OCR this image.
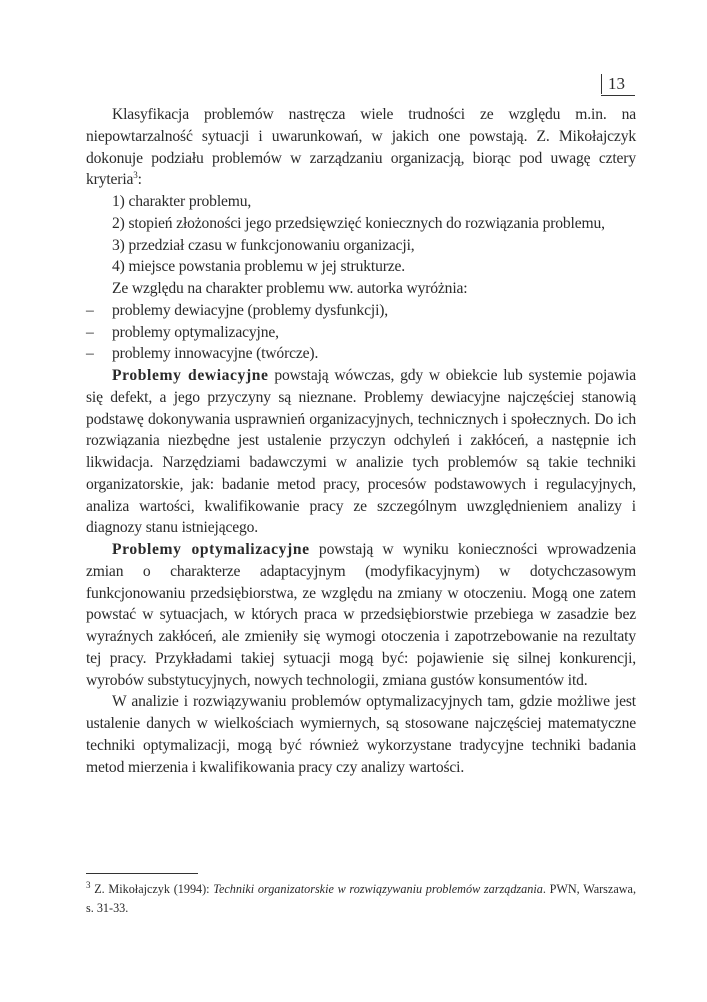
13

Klasyfikacja problemów nastręcza wiele trudności ze względu m.in. na niepowtarzalność sytuacji i uwarunkowań, w jakich one powstają. Z. Mikołajczyk dokonuje podziału problemów w zarządzaniu organizacją, biorąc pod uwagę cztery kryteria$^3$:

1) charakter problemu,

2) stopień złożoności jego przedsięwzięć koniecznych do rozwiązania problemu,

3) przedział czasu w funkcjonowaniu organizacji,

4) miejsce powstania problemu w jej strukturze.

Ze względu na charakter problemu ww. autorka wyróżnia:

– problemy dewiacyjne (problemy dysfunkcji),

– problemy optymalizacyjne,

– problemy innowacyjne (twórcze).

Problemy dewiacyjne powstają wówczas, gdy w obiekcie lub systemie pojawia się defekt, a jego przyczyny są nieznane. Problemy dewiacyjne najczęściej stanowią podstawę dokonywania usprawnień organizacyjnych, technicznych i społecznych. Do ich rozwiązania niezbędne jest ustalenie przyczyn odchyleń i zakłóceń, a następnie ich likwidacja. Narzędziami badawczymi w analizie tych problemów są takie techniki organizatorskie, jak: badanie metod pracy, procesów podstawowych i regulacyjnych, analiza wartości, kwalifikowanie pracy ze szczególnym uwzględnieniem analizy i diagnozy stanu istniejącego.

Problemy optymalizacyjne powstają w wyniku konieczności wprowadzenia zmian o charakterze adaptacyjnym (modyfikacyjnym) w dotychczasowym funkcjonowaniu przedsiębiorstwa, ze względu na zmiany w otoczeniu. Mogą one zatem powstać w sytuacjach, w których praca w przedsiębiorstwie przebiega w zasadzie bez wyraźnych zakłóceń, ale zmieniły się wymogi otoczenia i zapotrzebowanie na rezultaty tej pracy. Przykładami takiej sytuacji mogą być: pojawienie się silnej konkurencji, wyrobów substytucyjnych, nowych technologii, zmiana gustów konsumentów itd.

W analizie i rozwiązywaniu problemów optymalizacyjnych tam, gdzie możliwe jest ustalenie danych w wielkościach wymiernych, są stosowane najczęściej matematyczne techniki optymalizacji, mogą być również wykorzystane tradycyjne techniki badania metod mierzenia i kwalifikowania pracy czy analizy wartości.

$^3$ Z. Mikołajczyk (1994): Techniki organizatorskie w rozwiązywaniu problemów zarządzania. PWN, Warszawa, s. 31-33.
